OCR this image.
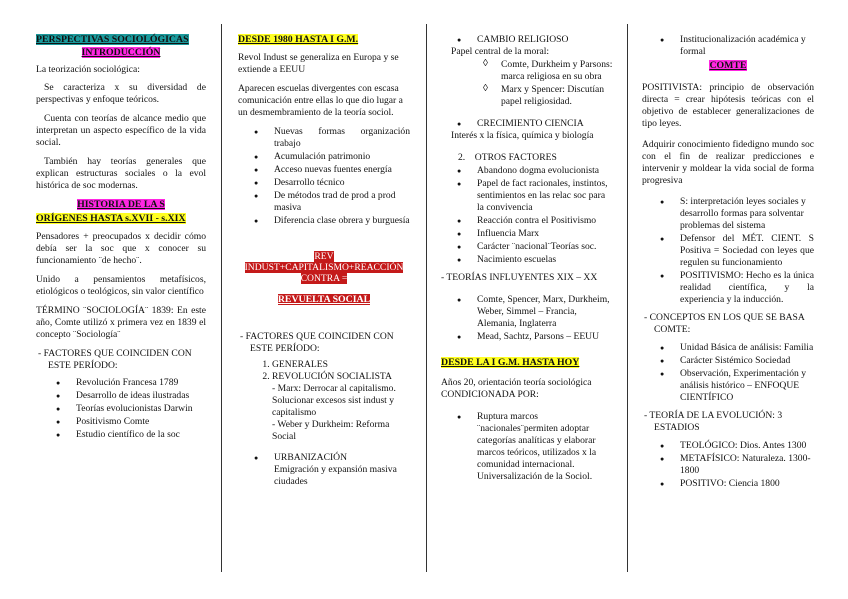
PERSPECTIVAS SOCIOLÓGICAS
INTRODUCCIÓN

La teorización sociológica:

Se caracteriza x su diversidad de perspectivas y enfoque teóricos.

Cuenta con teorías de alcance medio que interpretan un aspecto específico de la vida social.

También hay teorías generales que explican estructuras sociales o la evol histórica de soc modernas.

HISTORIA DE LA S
ORÍGENES HASTA s.XVII - s.XIX

Pensadores + preocupados x decidir cómo debía ser la soc que x conocer su funcionamiento ¨de hecho¨.

Unido a pensamientos metafísicos, etiológicos o teológicos, sin valor científico

TÉRMINO ¨SOCIOLOGÍA¨ 1839: En este año, Comte utilizó x primera vez en 1839 el concepto ¨Sociología¨

- FACTORES QUE COINCIDEN CON ESTE PERÍODO:

● Revolución Francesa 1789
● Desarrollo de ideas ilustradas
● Teorías evolucionistas Darwin
● Positivismo Comte
● Estudio científico de la soc
DESDE 1980 HASTA I G.M.

Revol Indust se generaliza en Europa y se extiende a EEUU

Aparecen escuelas divergentes con escasa comunicación entre ellas lo que dio lugar a un desmembramiento de la teoría sociol.

● Nuevas formas organización trabajo
● Acumulación patrimonio
● Acceso nuevas fuentes energía
● Desarrollo técnico
● De métodos trad de prod a prod masiva
● Diferencia clase obrera y burguesía
REV
INDUST+CAPITALISMO+REACCIÓN
CONTRA =
REVUELTA SOCIAL

- FACTORES QUE COINCIDEN CON ESTE PERÍODO:

1. GENERALES
2. REVOLUCIÓN SOCIALISTA
- Marx: Derrocar al capitalismo. Solucionar excesos sist indust y capitalismo
- Weber y Durkheim: Reforma Social
● URBANIZACIÓN
Emigración y expansión masiva ciudades
● CAMBIO RELIGIOSO
Papel central de la moral:
◊ Comte, Durkheim y Parsons: marca religiosa en su obra
◊ Marx y Spencer: Discutían papel religiosidad.
● CRECIMIENTO CIENCIA
Interés x la física, química y biología
2. OTROS FACTORES
● Abandono dogma evolucionista
● Papel de fact racionales, instintos, sentimientos en las relac soc para la convivencia
● Reacción contra el Positivismo
● Influencia Marx
● Carácter ¨nacional¨Teorías soc.
● Nacimiento escuelas

- TEORÍAS INFLUYENTES XIX – XX

● Comte, Spencer, Marx, Durkheim, Weber, Simmel – Francia, Alemania, Inglaterra
● Mead, Sachtz, Parsons – EEUU
DESDE LA I G.M. HASTA HOY

Años 20, orientación teoría sociológica CONDICIONADA POR:

● Ruptura marcos ¨nacionales¨permiten adoptar categorías analíticas y elaborar marcos teóricos, utilizados x la comunidad internacional. Universalización de la Sociol.
● Institucionalización académica y formal
COMTE

POSITIVISTA: principio de observación directa = crear hipótesis teóricas con el objetivo de establecer generalizaciones de tipo leyes.

Adquirir conocimiento fidedigno mundo soc con el fin de realizar predicciones e intervenir y moldear la vida social de forma progresiva

● S: interpretación leyes sociales y desarrollo formas para solventar problemas del sistema
● Defensor del MÉT. CIENT. S Positiva = Sociedad con leyes que regulen su funcionamiento
● POSITIVISMO: Hecho es la única realidad científica, y la experiencia y la inducción.

- CONCEPTOS EN LOS QUE SE BASA COMTE:

● Unidad Básica de análisis: Familia
● Carácter Sistémico Sociedad
● Observación, Experimentación y análisis histórico – ENFOQUE CIENTÍFICO

- TEORÍA DE LA EVOLUCIÓN: 3 ESTADIOS

● TEOLÓGICO: Dios. Antes 1300
● METAFÍSICO: Naturaleza. 1300-1800
● POSITIVO: Ciencia 1800
